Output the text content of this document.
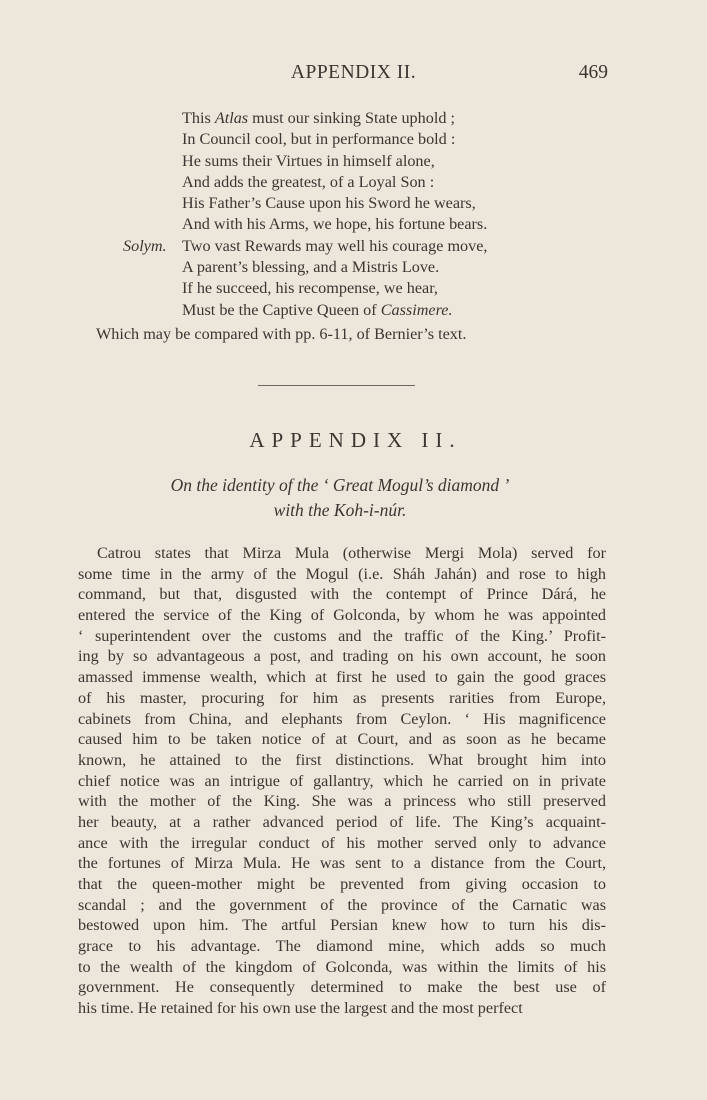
APPENDIX II.	469
This Atlas must our sinking State uphold ;
In Council cool, but in performance bold :
He sums their Virtues in himself alone,
And adds the greatest, of a Loyal Son :
His Father’s Cause upon his Sword he wears,
And with his Arms, we hope, his fortune bears.
Solym. Two vast Rewards may well his courage move,
A parent’s blessing, and a Mistris Love.
If he succeed, his recompense, we hear,
Must be the Captive Queen of Cassimere.
Which may be compared with pp. 6-11, of Bernier’s text.
APPENDIX II.
On the identity of the ‘ Great Mogul’s diamond ’
with the Koh-i-núr.
Catrou states that Mirza Mula (otherwise Mergi Mola) served for
some time in the army of the Mogul (i.e. Sháh Jahán) and rose to high
command, but that, disgusted with the contempt of Prince Dárá, he
entered the service of the King of Golconda, by whom he was appointed
‘ superintendent over the customs and the traffic of the King.’ Profit-
ing by so advantageous a post, and trading on his own account, he soon
amassed immense wealth, which at first he used to gain the good graces
of his master, procuring for him as presents rarities from Europe,
cabinets from China, and elephants from Ceylon. ‘ His magnificence
caused him to be taken notice of at Court, and as soon as he became
known, he attained to the first distinctions. What brought him into
chief notice was an intrigue of gallantry, which he carried on in private
with the mother of the King. She was a princess who still preserved
her beauty, at a rather advanced period of life. The King’s acquaint-
ance with the irregular conduct of his mother served only to advance
the fortunes of Mirza Mula. He was sent to a distance from the Court,
that the queen-mother might be prevented from giving occasion to
scandal ; and the government of the province of the Carnatic was
bestowed upon him. The artful Persian knew how to turn his dis-
grace to his advantage. The diamond mine, which adds so much
to the wealth of the kingdom of Golconda, was within the limits of his
government. He consequently determined to make the best use of
his time. He retained for his own use the largest and the most perfect
